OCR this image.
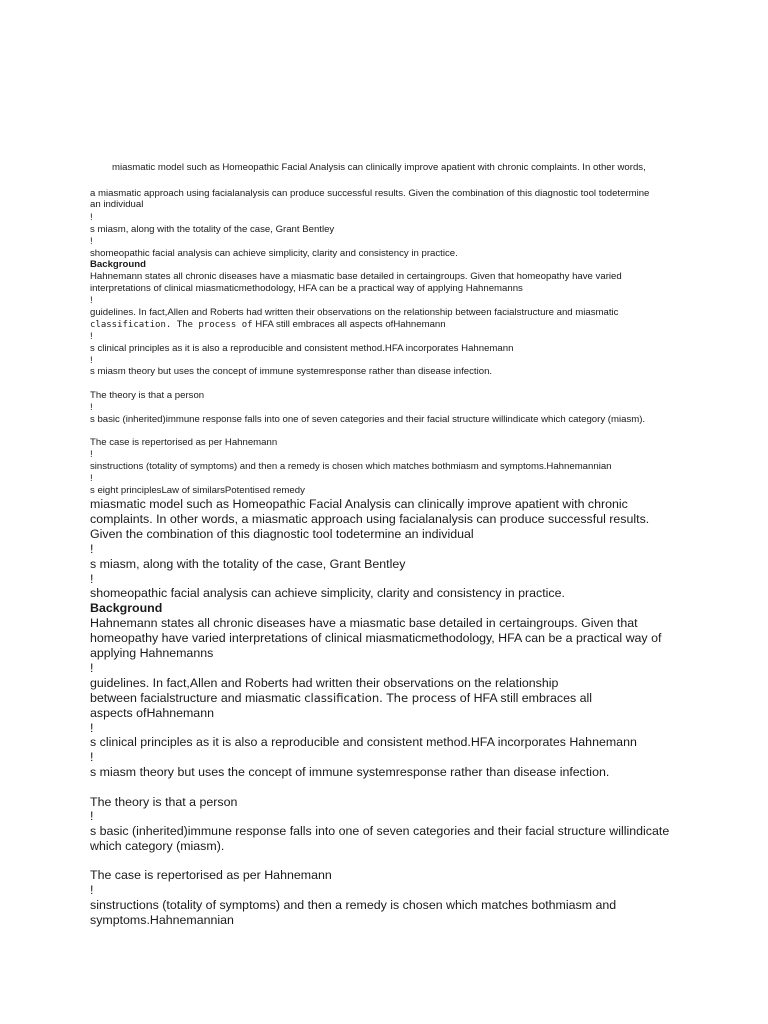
miasmatic model such as Homeopathic Facial Analysis can clinically improve apatient with chronic complaints. In other words,

a miasmatic approach using facialanalysis can produce successful results. Given the combination of this diagnostic tool todetermine

an individual

!

s miasm, along with the totality of the case, Grant Bentley

!

shomeopathic facial analysis can achieve simplicity, clarity and consistency in practice.

Background

Hahnemann states all chronic diseases have a miasmatic base detailed in certaingroups. Given that homeopathy have varied

interpretations of clinical miasmaticmethodology, HFA can be a practical way of applying Hahnemanns

!

guidelines. In fact,Allen and Roberts had written their observations on the relationship between facialstructure and miasmatic

classification. The process of HFA still embraces all aspects ofHahnemann

!

s clinical principles as it is also a reproducible and consistent method.HFA incorporates Hahnemann

!

s miasm theory but uses the concept of immune systemresponse rather than disease infection.

The theory is that a person

!

s basic (inherited)immune response falls into one of seven categories and their facial structure willindicate which category (miasm).

The case is repertorised as per Hahnemann

!

sinstructions (totality of symptoms) and then a remedy is chosen which matches bothmiasm and symptoms.Hahnemannian

!

s eight principlesLaw of similarsPotentised remedy

miasmatic model such as Homeopathic Facial Analysis can clinically improve apatient with chronic

complaints. In other words, a miasmatic approach using facialanalysis can produce successful results.

Given the combination of this diagnostic tool todetermine an individual

!

s miasm, along with the totality of the case, Grant Bentley

!

shomeopathic facial analysis can achieve simplicity, clarity and consistency in practice.

Background

Hahnemann states all chronic diseases have a miasmatic base detailed in certaingroups. Given that

homeopathy have varied interpretations of clinical miasmaticmethodology, HFA can be a practical way of

applying Hahnemanns

!

guidelines. In fact,Allen and Roberts had written their observations on the relationship

between facialstructure and miasmatic classification. The process of HFA still embraces all

aspects ofHahnemann

!

s clinical principles as it is also a reproducible and consistent method.HFA incorporates Hahnemann

!

s miasm theory but uses the concept of immune systemresponse rather than disease infection.

The theory is that a person

!

s basic (inherited)immune response falls into one of seven categories and their facial structure willindicate

which category (miasm).

The case is repertorised as per Hahnemann

!

sinstructions (totality of symptoms) and then a remedy is chosen which matches bothmiasm and

symptoms.Hahnemannian
